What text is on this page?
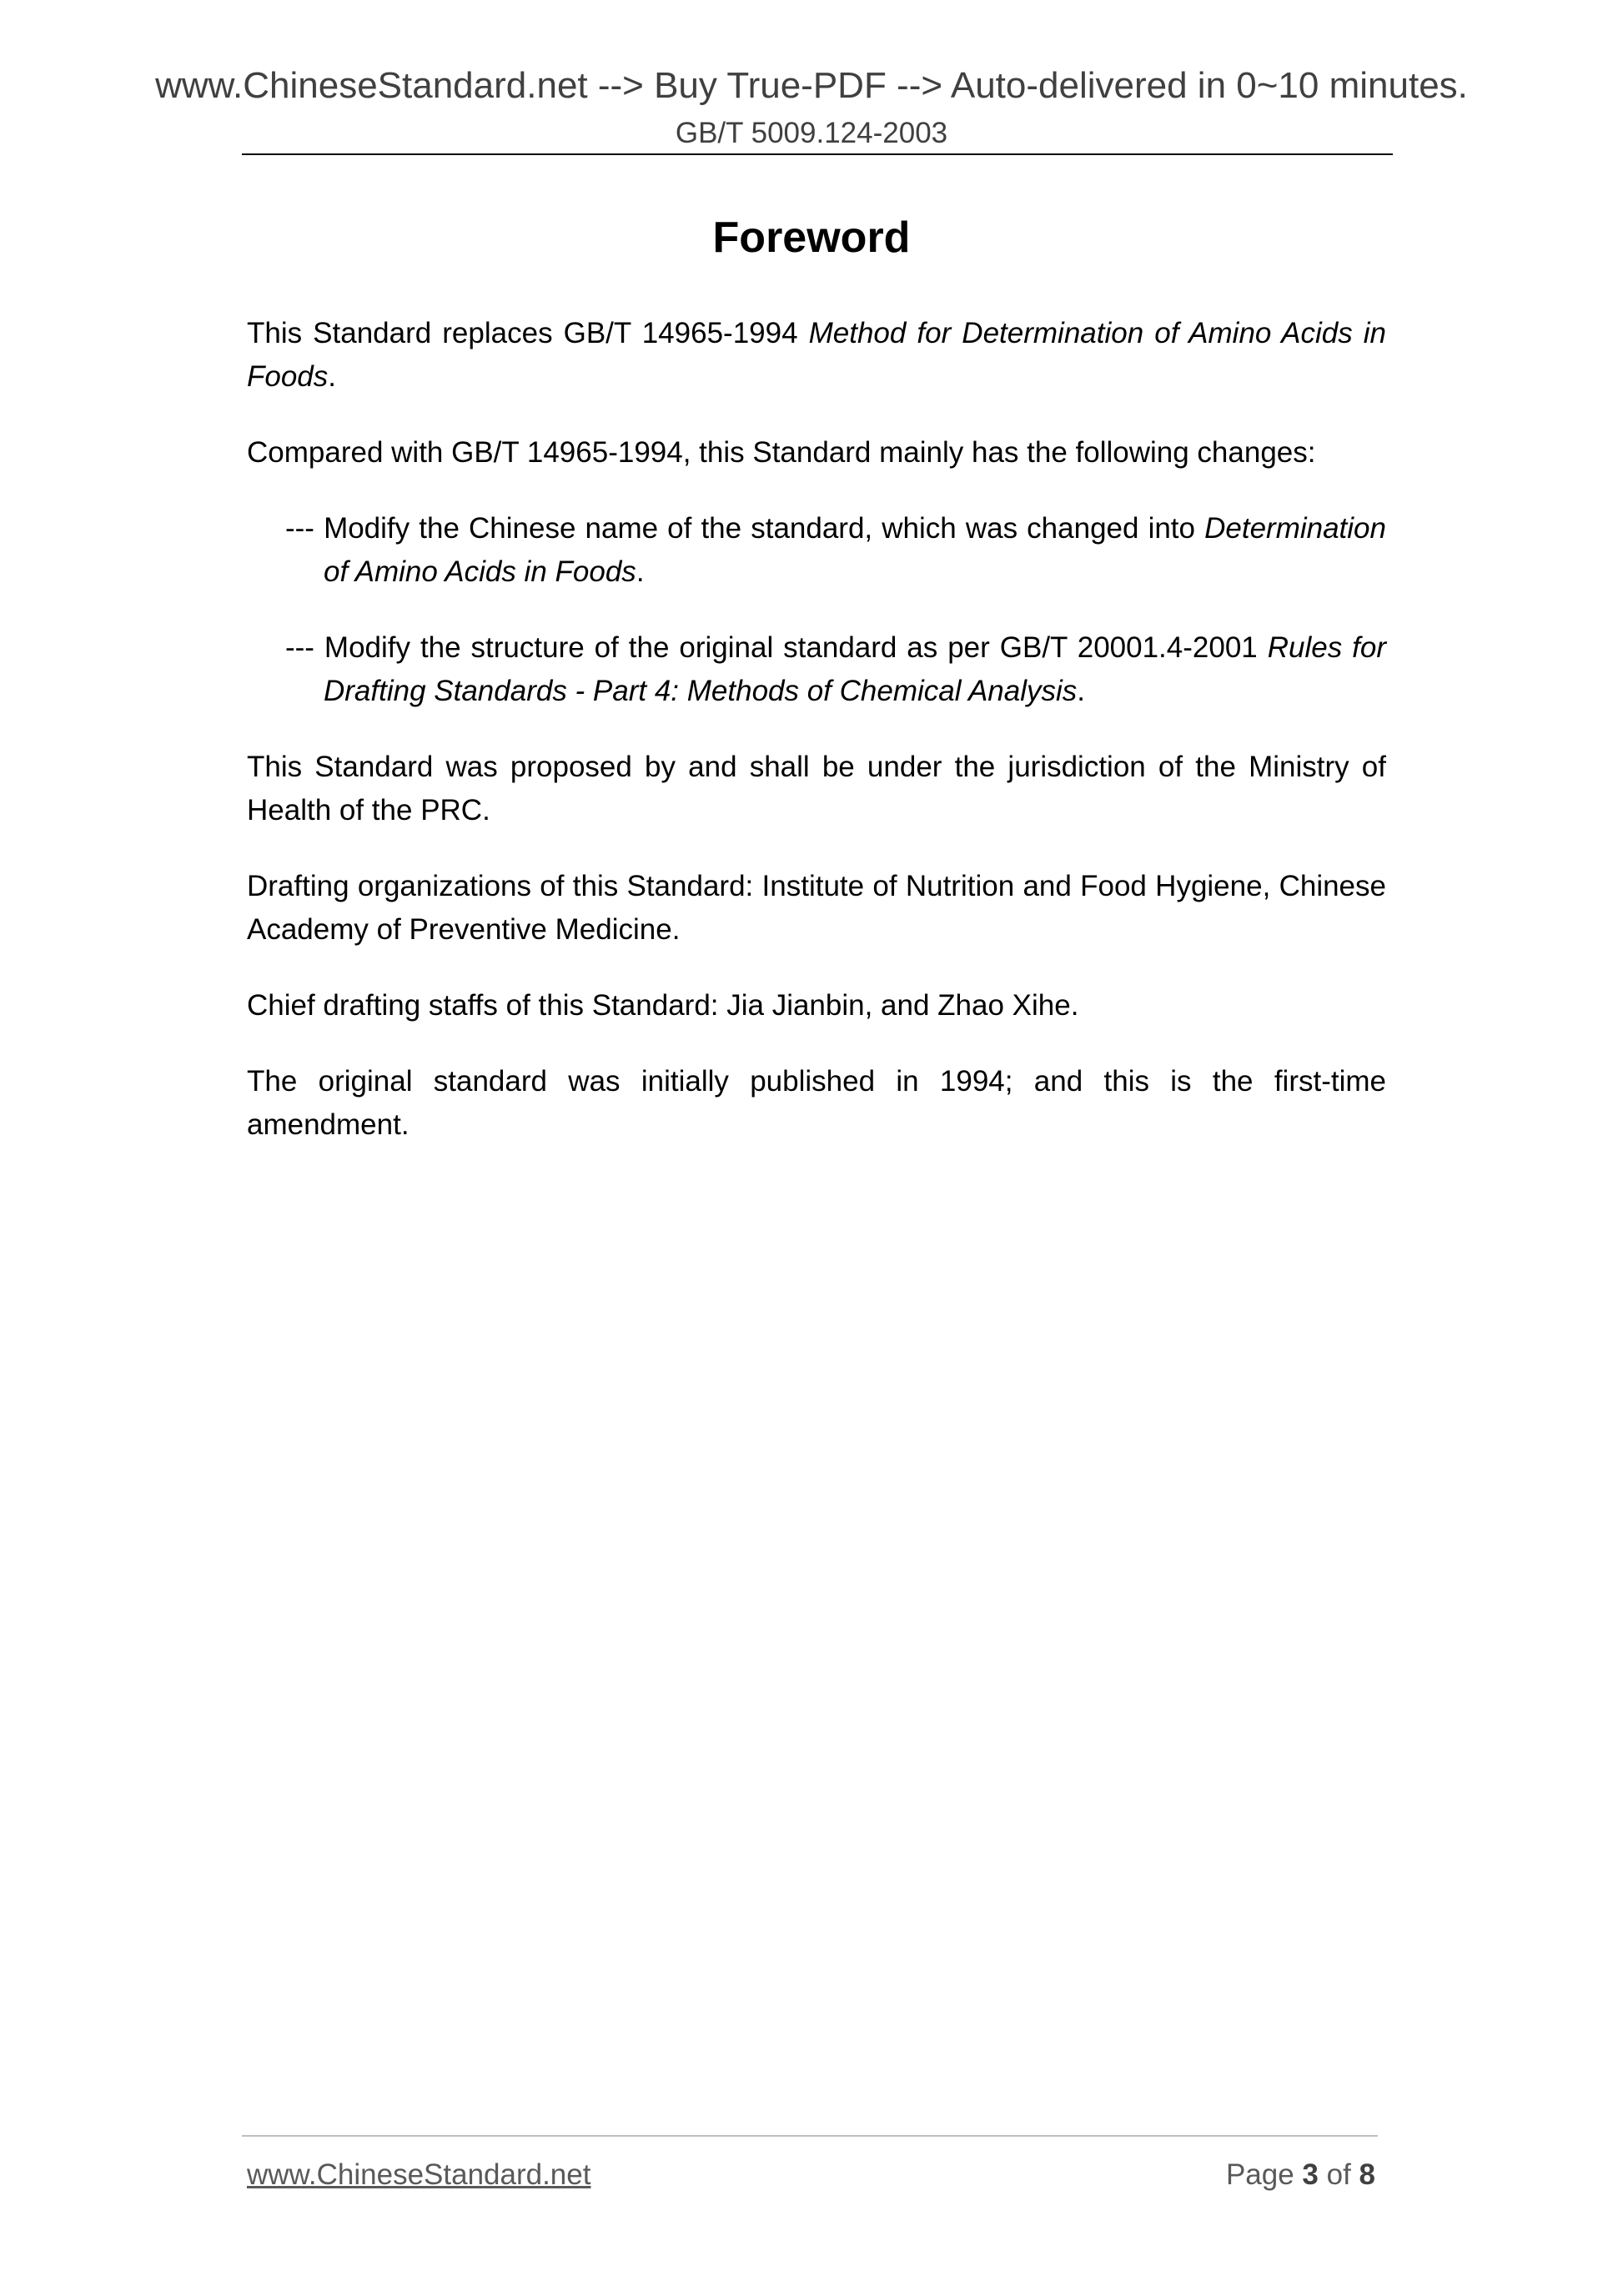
www.ChineseStandard.net --> Buy True-PDF --> Auto-delivered in 0~10 minutes.
GB/T 5009.124-2003
Foreword

This Standard replaces GB/T 14965-1994 Method for Determination of Amino Acids in Foods.

Compared with GB/T 14965-1994, this Standard mainly has the following changes:

--- Modify the Chinese name of the standard, which was changed into Determination of Amino Acids in Foods.

--- Modify the structure of the original standard as per GB/T 20001.4-2001 Rules for Drafting Standards - Part 4: Methods of Chemical Analysis.

This Standard was proposed by and shall be under the jurisdiction of the Ministry of Health of the PRC.

Drafting organizations of this Standard: Institute of Nutrition and Food Hygiene, Chinese Academy of Preventive Medicine.

Chief drafting staffs of this Standard: Jia Jianbin, and Zhao Xihe.

The original standard was initially published in 1994; and this is the first-time amendment.

www.ChineseStandard.net	Page 3 of 8
